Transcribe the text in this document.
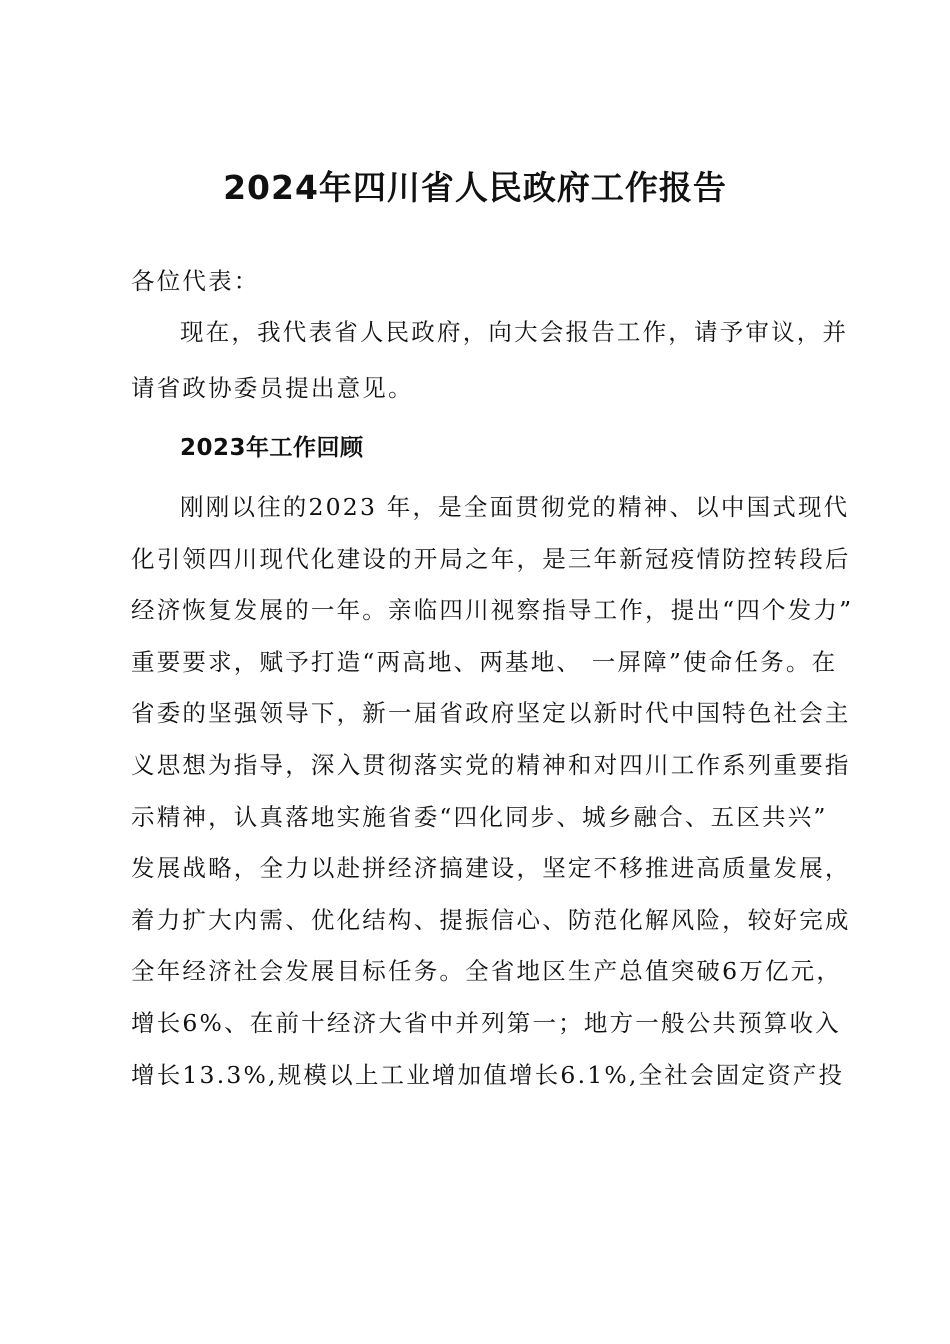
2024年四川省人民政府工作报告
各位代表：
现在，我代表省人民政府，向大会报告工作，请予审议，并
请省政协委员提出意见。
2023年工作回顾
刚刚以往的2023 年，是全面贯彻党的精神、以中国式现代
化引领四川现代化建设的开局之年，是三年新冠疫情防控转段后
经济恢复发展的一年。亲临四川视察指导工作，提出“四个发力”
重要要求，赋予打造“两高地、两基地、 一屏障”使命任务。在
省委的坚强领导下，新一届省政府坚定以新时代中国特色社会主
义思想为指导，深入贯彻落实党的精神和对四川工作系列重要指
示精神，认真落地实施省委“四化同步、城乡融合、五区共兴”
发展战略，全力以赴拼经济搞建设，坚定不移推进高质量发展，
着力扩大内需、优化结构、提振信心、防范化解风险，较好完成
全年经济社会发展目标任务。全省地区生产总值突破6万亿元，
增长6%、在前十经济大省中并列第一；地方一般公共预算收入
增长13.3%,规模以上工业增加值增长6.1%,全社会固定资产投
